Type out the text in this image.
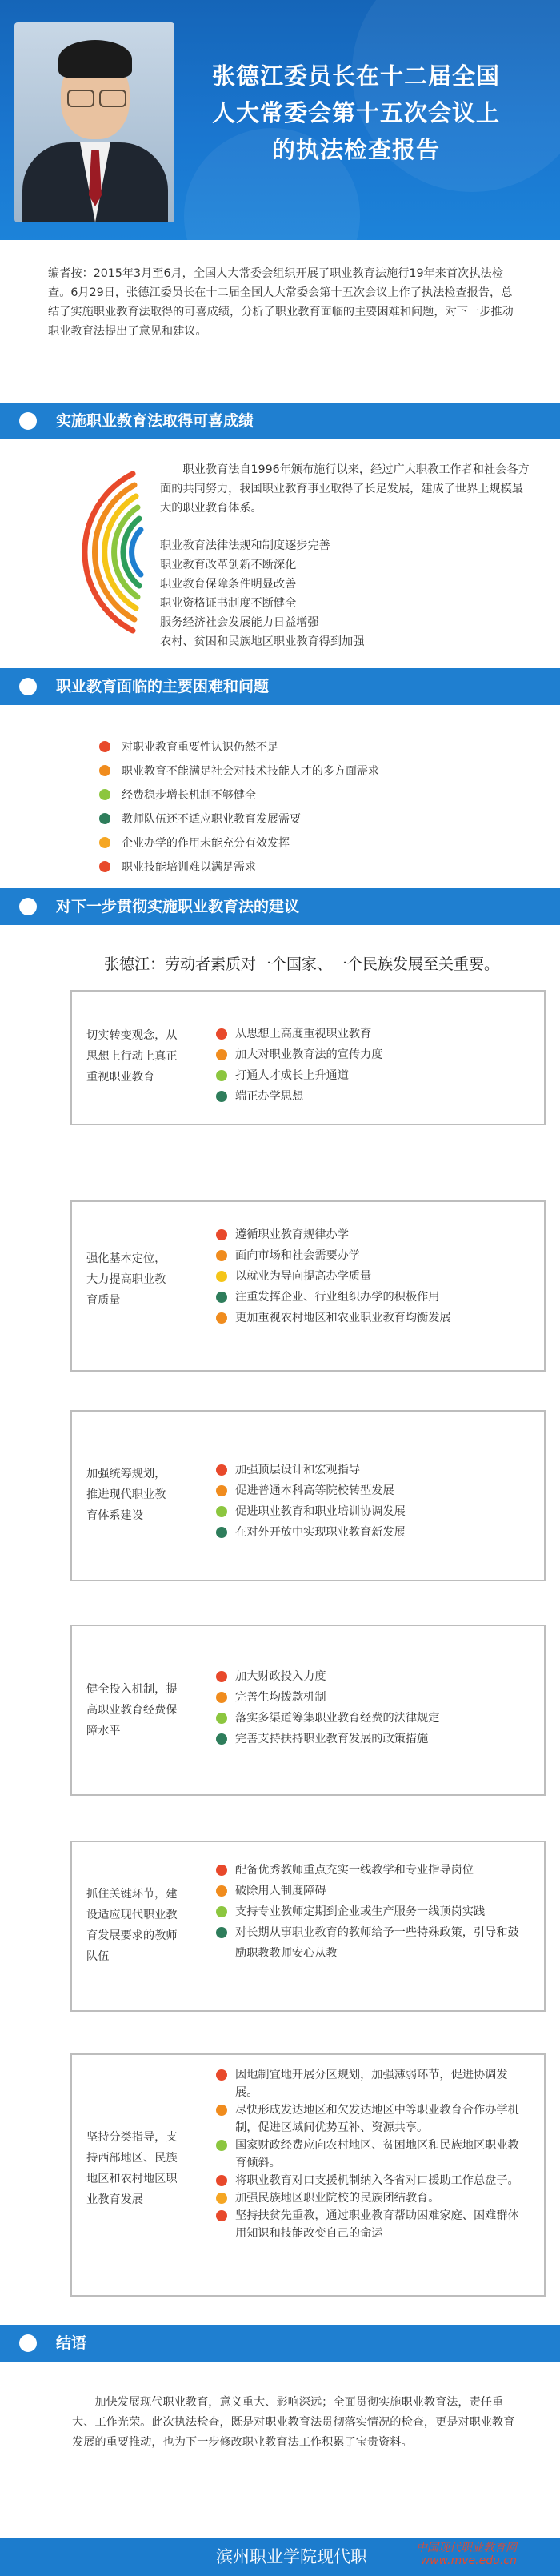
张德江委员长在十二届全国
人大常委会第十五次会议上
的执法检查报告
编者按：2015年3月至6月，全国人大常委会组织开展了职业教育法施行19年来首次执法检查。6月29日，张德江委员长在十二届全国人大常委会第十五次会议上作了执法检查报告，总结了实施职业教育法取得的可喜成绩，分析了职业教育面临的主要困难和问题，对下一步推动职业教育法提出了意见和建议。
实施职业教育法取得可喜成绩
职业教育法自1996年颁布施行以来，经过广大职教工作者和社会各方面的共同努力，我国职业教育事业取得了长足发展，建成了世界上规模最大的职业教育体系。
职业教育法律法规和制度逐步完善
职业教育改革创新不断深化
职业教育保障条件明显改善
职业资格证书制度不断健全
服务经济社会发展能力日益增强
农村、贫困和民族地区职业教育得到加强
职业教育面临的主要困难和问题
对职业教育重要性认识仍然不足
职业教育不能满足社会对技术技能人才的多方面需求
经费稳步增长机制不够健全
教师队伍还不适应职业教育发展需要
企业办学的作用未能充分有效发挥
职业技能培训难以满足需求
对下一步贯彻实施职业教育法的建议
张德江：劳动者素质对一个国家、一个民族发展至关重要。
切实转变观念，从
思想上行动上真正
重视职业教育
从思想上高度重视职业教育
加大对职业教育法的宣传力度
打通人才成长上升通道
端正办学思想
强化基本定位，
大力提高职业教
育质量
遵循职业教育规律办学
面向市场和社会需要办学
以就业为导向提高办学质量
注重发挥企业、行业组织办学的积极作用
更加重视农村地区和农业职业教育均衡发展
加强统筹规划，
推进现代职业教
育体系建设
加强顶层设计和宏观指导
促进普通本科高等院校转型发展
促进职业教育和职业培训协调发展
在对外开放中实现职业教育新发展
健全投入机制，提
高职业教育经费保
障水平
加大财政投入力度
完善生均拨款机制
落实多渠道筹集职业教育经费的法律规定
完善支持扶持职业教育发展的政策措施
抓住关键环节，建
设适应现代职业教
育发展要求的教师
队伍
配备优秀教师重点充实一线教学和专业指导岗位
破除用人制度障碍
支持专业教师定期到企业或生产服务一线顶岗实践
对长期从事职业教育的教师给予一些特殊政策，引导和鼓励职教教师安心从教
坚持分类指导，支
持西部地区、民族
地区和农村地区职
业教育发展
因地制宜地开展分区规划，加强薄弱环节，促进协调发展。
尽快形成发达地区和欠发达地区中等职业教育合作办学机制，促进区域间优势互补、资源共享。
国家财政经费应向农村地区、贫困地区和民族地区职业教育倾斜。
将职业教育对口支援机制纳入各省对口援助工作总盘子。
加强民族地区职业院校的民族团结教育。
坚持扶贫先重教，通过职业教育帮助困难家庭、困难群体用知识和技能改变自己的命运
结语
加快发展现代职业教育，意义重大、影响深远；全面贯彻实施职业教育法，责任重大、工作光荣。此次执法检查，既是对职业教育法贯彻落实情况的检查，更是对职业教育发展的重要推动，也为下一步修改职业教育法工作积累了宝贵资料。
滨州职业学院现代职	中国现代职业教育网
www.mve.edu.cn
